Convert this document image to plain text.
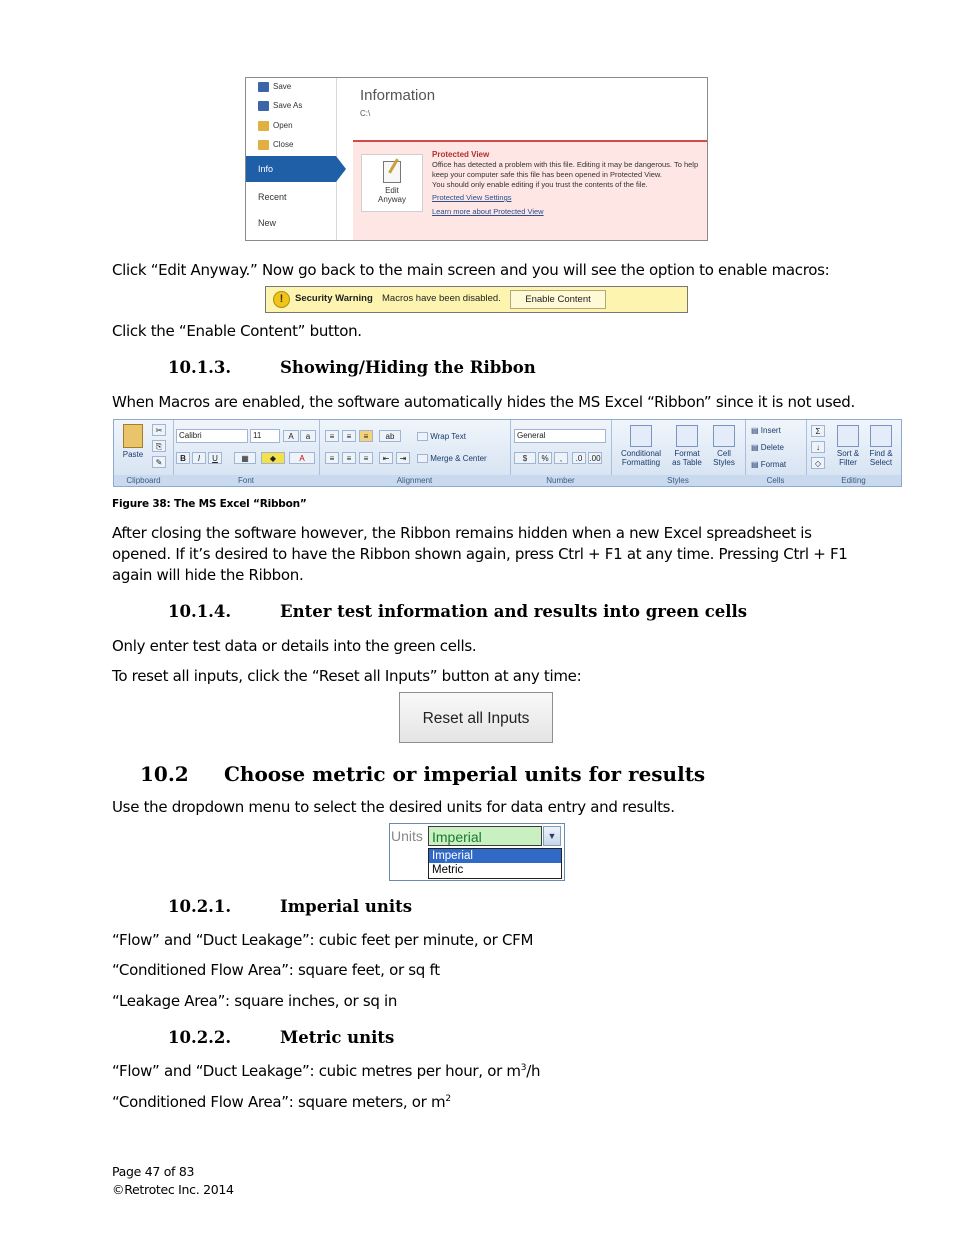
Save
Save As
Open
Close
Info
Recent
New
Information
C:\
Edit
Anyway
Protected View
Office has detected a problem with this file. Editing it may be dangerous. To help keep your computer safe this file has been opened in Protected View.
You should only enable editing if you trust the contents of the file.
Protected View Settings
Learn more about Protected View
Click “Edit Anyway.” Now go back to the main screen and you will see the option to enable macros:
!	Security Warning Macros have been disabled.	Enable Content
Click the “Enable Content” button.
10.1.3.	Showing/Hiding the Ribbon
When Macros are enabled, the software automatically hides the MS Excel “Ribbon” since it is not used.
Paste
✂
⎘
✎
Clipboard
Calibri	11	A	a
B	I	U	▦	◆	A
Font
≡	≡	≡	ab	Wrap Text
≡	≡	≡	⇤	⇥	Merge & Center
Alignment
General
$	%	,	.0 .00
Number
Conditional
Formatting
Format
as Table
Cell
Styles
Styles
▤ Insert
▤ Delete
▤ Format
Cells
Σ
↓
◇
Sort &
Filter
Find &
Select
Editing
Figure 38: The MS Excel “Ribbon”
After closing the software however, the Ribbon remains hidden when a new Excel spreadsheet is
opened. If it’s desired to have the Ribbon shown again, press Ctrl + F1 at any time. Pressing Ctrl + F1
again will hide the Ribbon.
10.1.4.	Enter test information and results into green cells
Only enter test data or details into the green cells.
To reset all inputs, click the “Reset all Inputs” button at any time:
Reset all Inputs
10.2 Choose metric or imperial units for results
Use the dropdown menu to select the desired units for data entry and results.
Units Imperial	▼
Imperial
Metric
10.2.1.	Imperial units
“Flow” and “Duct Leakage”: cubic feet per minute, or CFM
“Conditioned Flow Area”: square feet, or sq ft
“Leakage Area”: square inches, or sq in
10.2.2.	Metric units
“Flow” and “Duct Leakage”: cubic metres per hour, or $m^3/h$
“Conditioned Flow Area”: square meters, or $m^2$
Page 47 of 83
©Retrotec Inc. 2014
